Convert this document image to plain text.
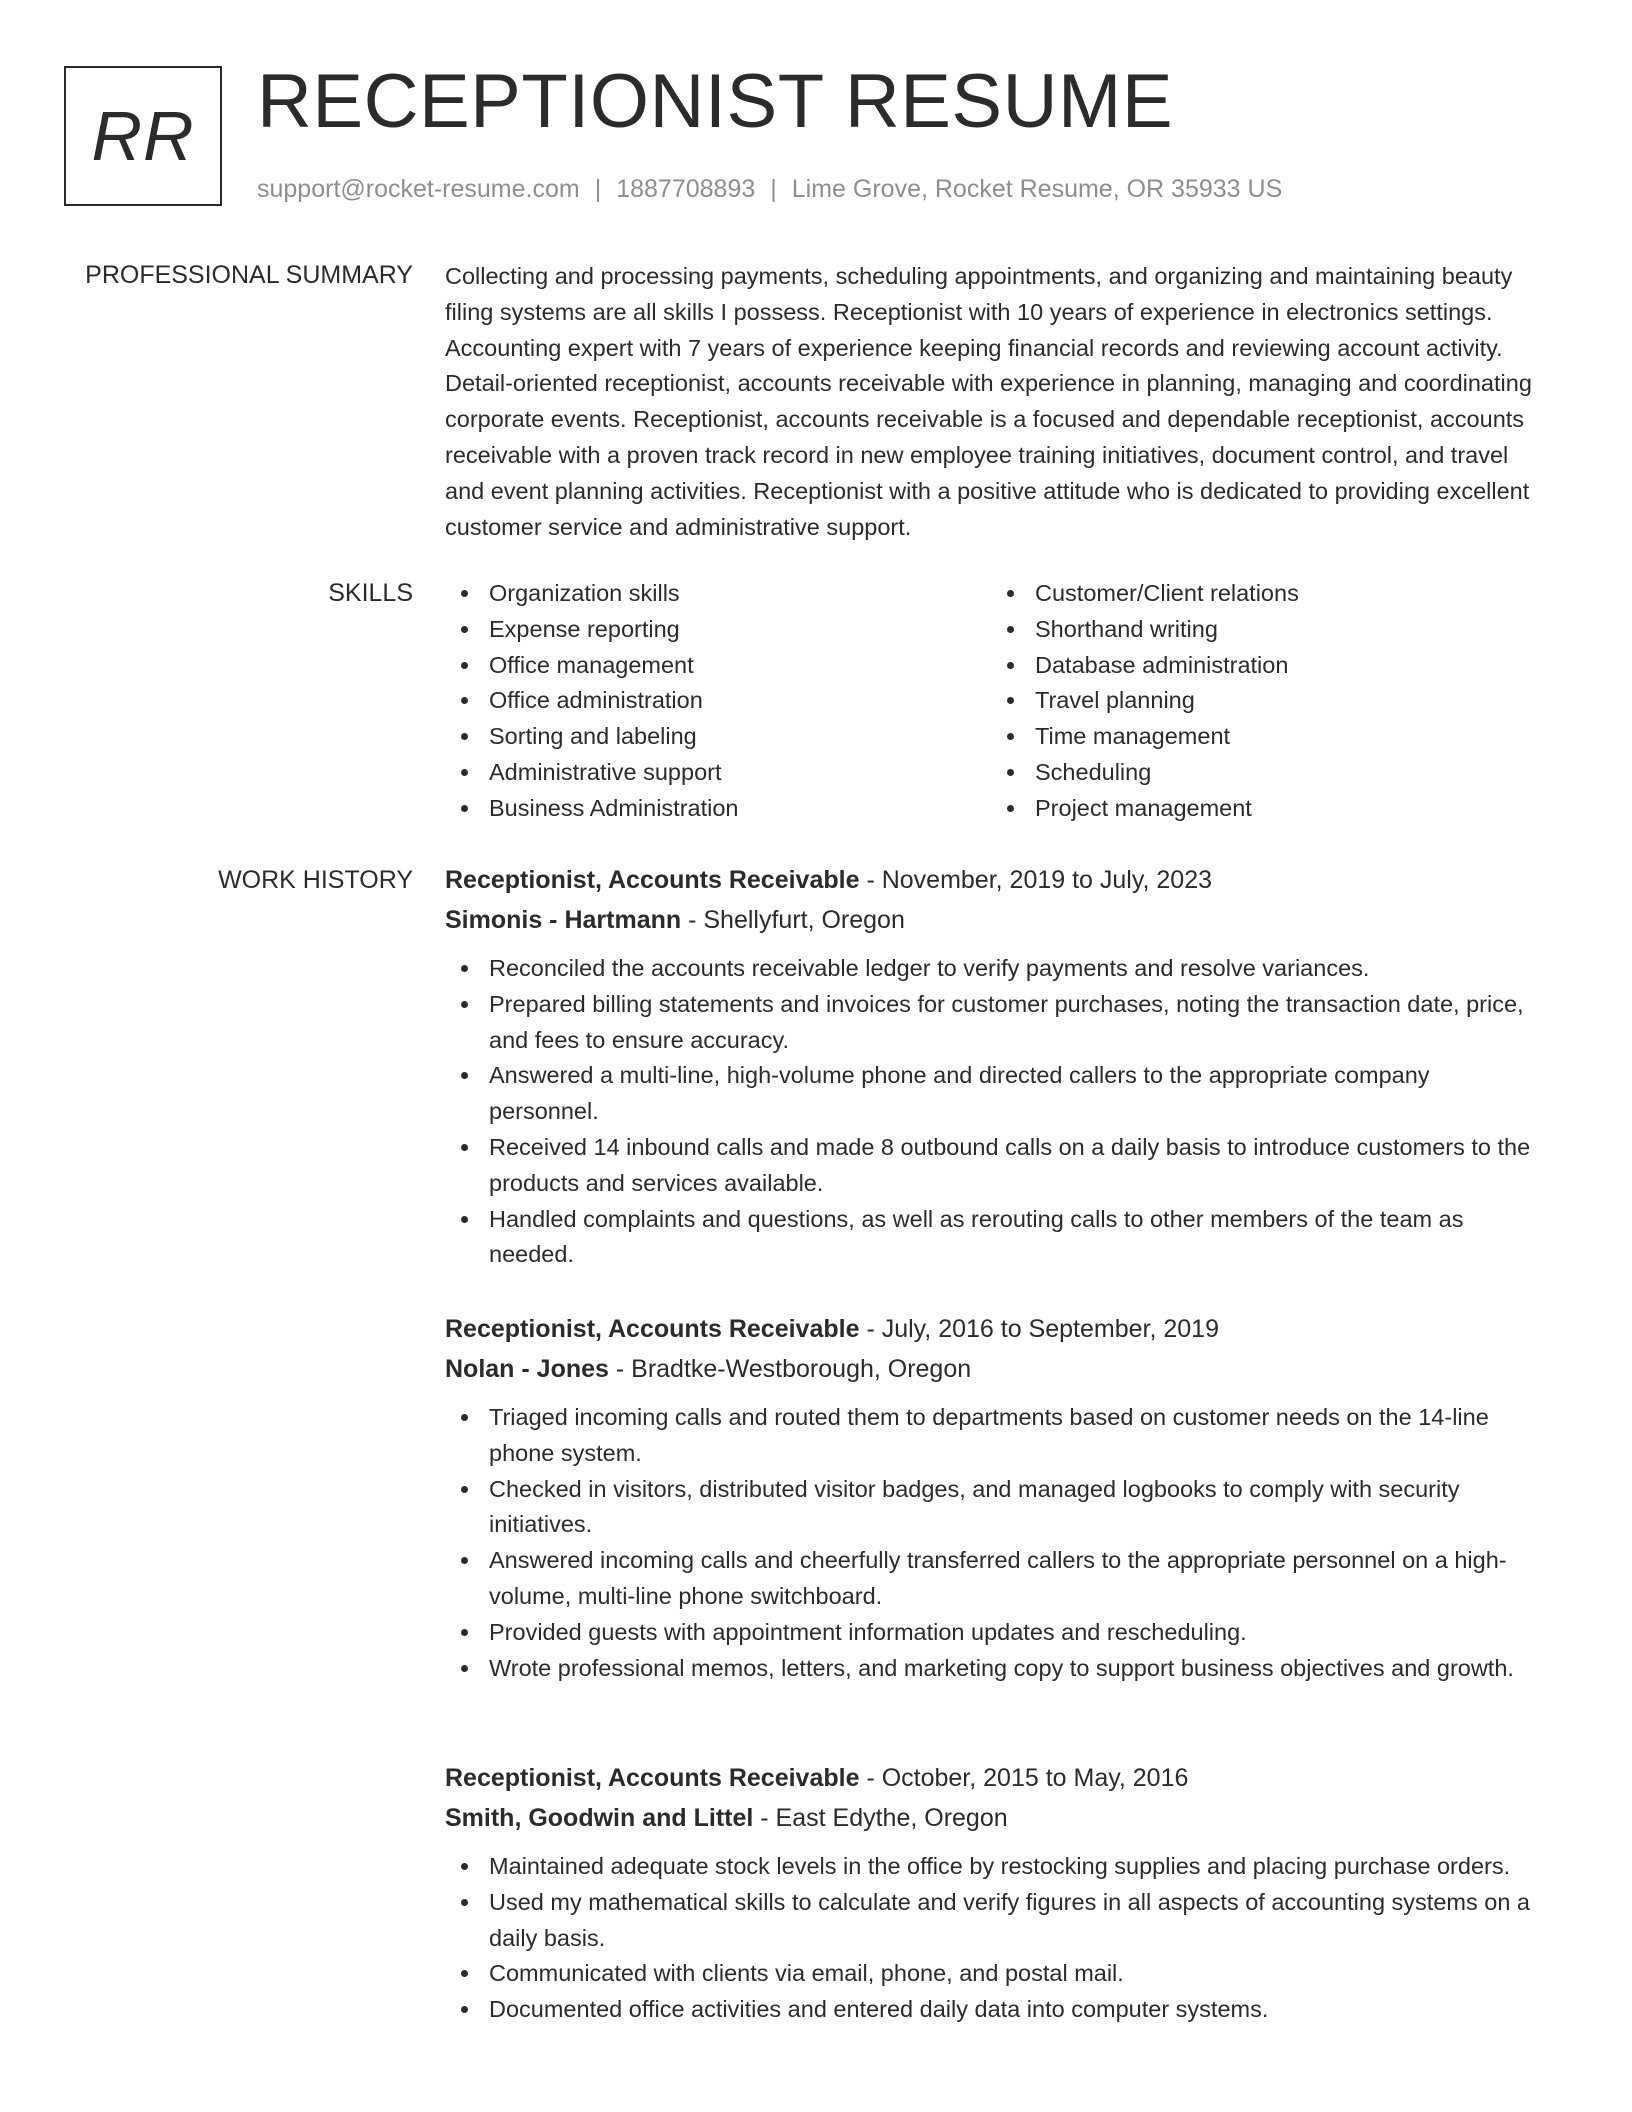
RR RECEPTIONIST RESUME
support@rocket-resume.com | 1887708893 | Lime Grove, Rocket Resume, OR 35933 US
PROFESSIONAL SUMMARY Collecting and processing payments, scheduling appointments, and organizing and maintaining beauty filing systems are all skills I possess. Receptionist with 10 years of experience in electronics settings. Accounting expert with 7 years of experience keeping financial records and reviewing account activity. Detail-oriented receptionist, accounts receivable with experience in planning, managing and coordinating corporate events. Receptionist, accounts receivable is a focused and dependable receptionist, accounts receivable with a proven track record in new employee training initiatives, document control, and travel and event planning activities. Receptionist with a positive attitude who is dedicated to providing excellent customer service and administrative support.

SKILLS	Organization skills
Expense reporting
Office management
Office administration
Sorting and labeling
Administrative support
Business Administration
Customer/Client relations
Shorthand writing
Database administration
Travel planning
Time management
Scheduling
Project management
WORK HISTORY Receptionist, Accounts Receivable - November, 2019 to July, 2023
Simonis - Hartmann - Shellyfurt, Oregon
Reconciled the accounts receivable ledger to verify payments and resolve variances.
Prepared billing statements and invoices for customer purchases, noting the transaction date, price, and fees to ensure accuracy.
Answered a multi-line, high-volume phone and directed callers to the appropriate company personnel.
Received 14 inbound calls and made 8 outbound calls on a daily basis to introduce customers to the products and services available.
Handled complaints and questions, as well as rerouting calls to other members of the team as needed.
Receptionist, Accounts Receivable - July, 2016 to September, 2019
Nolan - Jones - Bradtke-Westborough, Oregon
Triaged incoming calls and routed them to departments based on customer needs on the 14-line phone system.
Checked in visitors, distributed visitor badges, and managed logbooks to comply with security initiatives.
Answered incoming calls and cheerfully transferred callers to the appropriate personnel on a high-volume, multi-line phone switchboard.
Provided guests with appointment information updates and rescheduling.
Wrote professional memos, letters, and marketing copy to support business objectives and growth.
Receptionist, Accounts Receivable - October, 2015 to May, 2016
Smith, Goodwin and Littel - East Edythe, Oregon
Maintained adequate stock levels in the office by restocking supplies and placing purchase orders.
Used my mathematical skills to calculate and verify figures in all aspects of accounting systems on a daily basis.
Communicated with clients via email, phone, and postal mail.
Documented office activities and entered daily data into computer systems.
